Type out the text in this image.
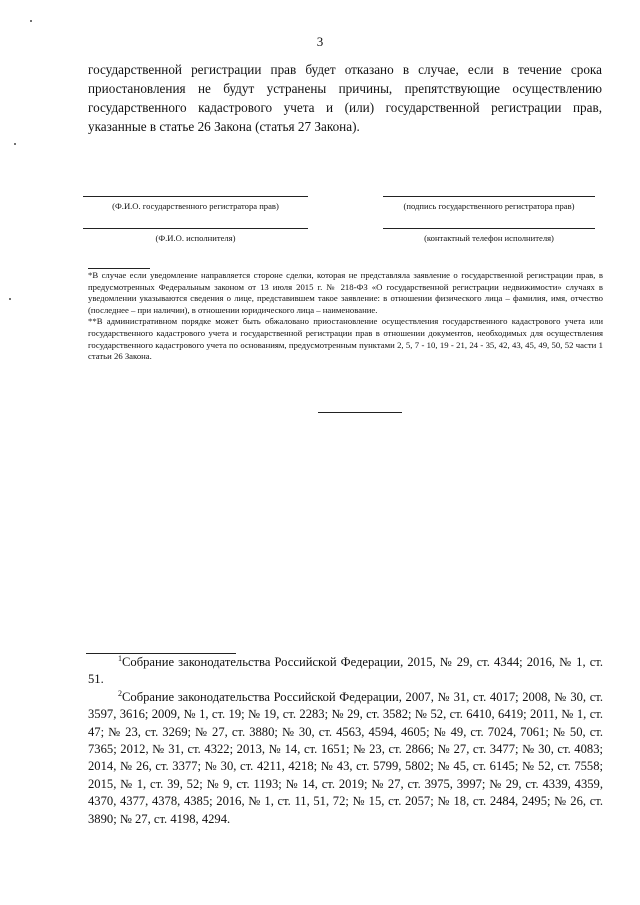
3

государственной регистрации прав будет отказано в случае, если в течение срока приостановления не будут устранены причины, препятствующие осуществлению государственного кадастрового учета и (или) государственной регистрации прав, указанные в статье 26 Закона (статья 27 Закона).

(Ф.И.О. государственного регистратора прав)	(подпись государственного регистратора прав)
(Ф.И.О. исполнителя)	(контактный телефон исполнителя)

*В случае если уведомление направляется стороне сделки, которая не представляла заявление о государственной регистрации прав, в предусмотренных Федеральным законом от 13 июля 2015 г. № 218-ФЗ «О государственной регистрации недвижимости» случаях в уведомлении указываются сведения о лице, представившем такое заявление: в отношении физического лица – фамилия, имя, отчество (последнее – при наличии), в отношении юридического лица – наименование.

**В административном порядке может быть обжаловано приостановление осуществления государственного кадастрового учета или государственного кадастрового учета и государственной регистрации прав в отношении документов, необходимых для осуществления государственного кадастрового учета по основаниям, предусмотренным пунктами 2, 5, 7 - 10, 19 - 21, 24 - 35, 42, 43, 45, 49, 50, 52 части 1 статьи 26 Закона.

$^1$Собрание законодательства Российской Федерации, 2015, № 29, ст. 4344; 2016, № 1, ст. 51.

$^2$Собрание законодательства Российской Федерации, 2007, № 31, ст. 4017; 2008, № 30, ст. 3597, 3616; 2009, № 1, ст. 19; № 19, ст. 2283; № 29, ст. 3582; № 52, ст. 6410, 6419; 2011, № 1, ст. 47; № 23, ст. 3269; № 27, ст. 3880; № 30, ст. 4563, 4594, 4605; № 49, ст. 7024, 7061; № 50, ст. 7365; 2012, № 31, ст. 4322; 2013, № 14, ст. 1651; № 23, ст. 2866; № 27, ст. 3477; № 30, ст. 4083; 2014, № 26, ст. 3377; № 30, ст. 4211, 4218; № 43, ст. 5799, 5802; № 45, ст. 6145; № 52, ст. 7558; 2015, № 1, ст. 39, 52; № 9, ст. 1193; № 14, ст. 2019; № 27, ст. 3975, 3997; № 29, ст. 4339, 4359, 4370, 4377, 4378, 4385; 2016, № 1, ст. 11, 51, 72; № 15, ст. 2057; № 18, ст. 2484, 2495; № 26, ст. 3890; № 27, ст. 4198, 4294.
